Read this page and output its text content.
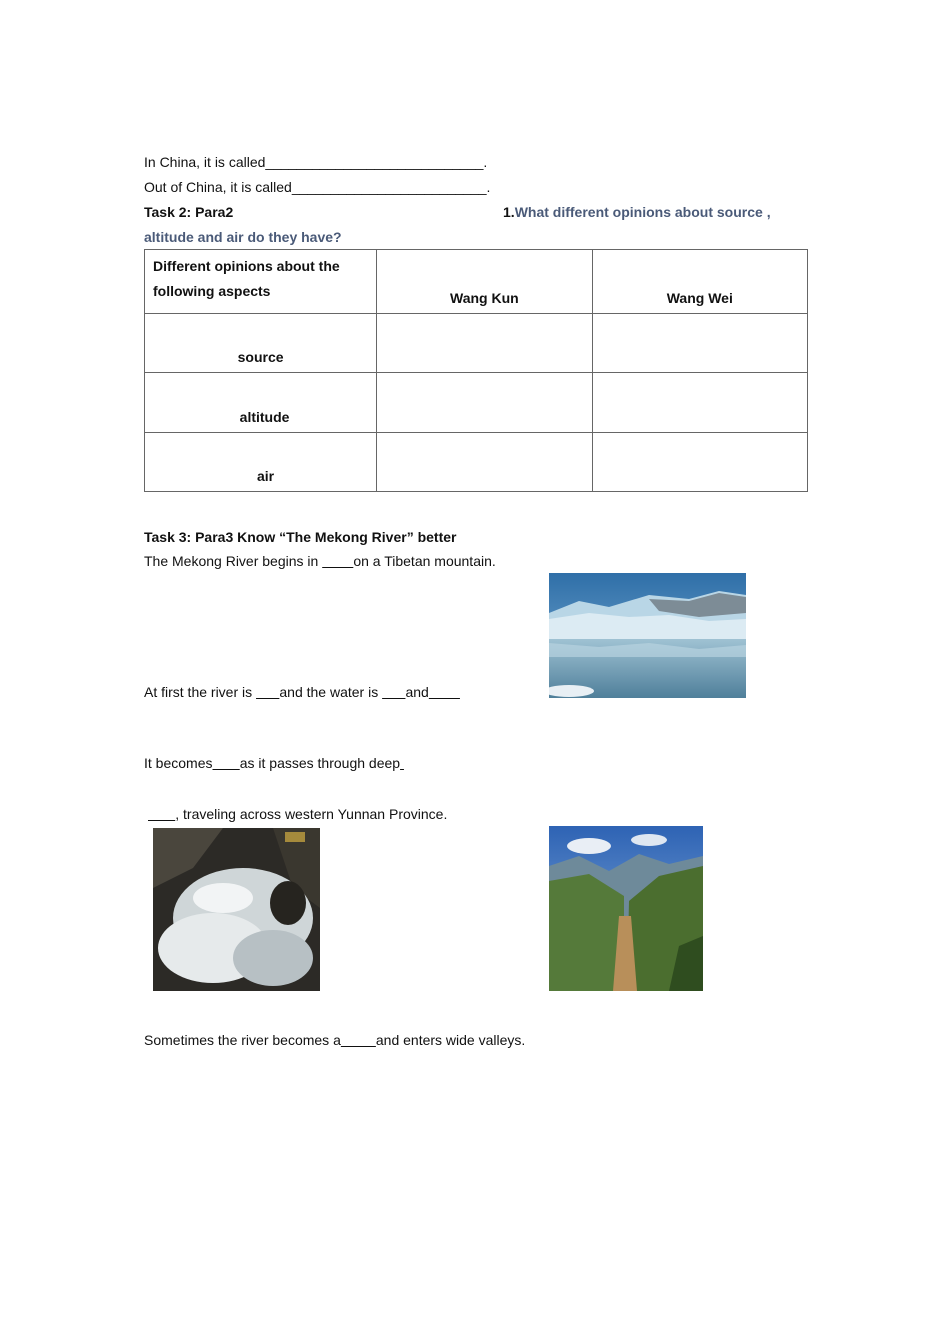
In China, it is called____________________________.
Out of China, it is called_________________________.
Task 2: Para2	1.What different opinions about source ,
altitude and air do they have?
Different opinions about the
following aspects	Wang Kun	Wang Wei
source		
altitude		
air		
Task 3: Para3 Know “The Mekong River” better
The Mekong River begins in         on a Tibetan mountain.
At first the river is       and the water is       and
It becomes as it passes through deep
, traveling across western Yunnan Province.
Sometimes the river becomes a	and enters wide valleys.
